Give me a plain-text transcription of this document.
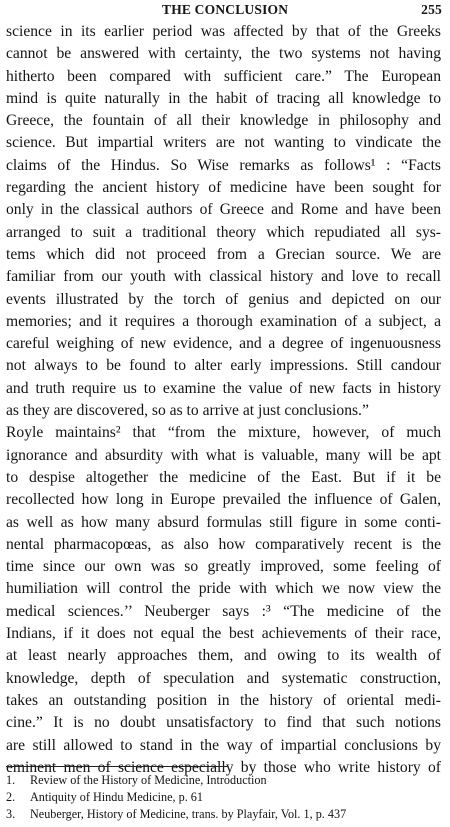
THE CONCLUSION	255
science in its earlier period was affected by that of the Greeks
cannot be answered with certainty, the two systems not having
hitherto been compared with sufficient care.” The European
mind is quite naturally in the habit of tracing all knowledge to
Greece, the fountain of all their knowledge in philosophy and
science. But impartial writers are not wanting to vindicate the
claims of the Hindus. So Wise remarks as follows¹ : “Facts
regarding the ancient history of medicine have been sought for
only in the classical authors of Greece and Rome and have been
arranged to suit a traditional theory which repudiated all sys-
tems which did not proceed from a Grecian source. We are
familiar from our youth with classical history and love to recall
events illustrated by the torch of genius and depicted on our
memories; and it requires a thorough examination of a subject, a
careful weighing of new evidence, and a degree of ingenuousness
not always to be found to alter early impressions. Still candour
and truth require us to examine the value of new facts in history
as they are discovered, so as to arrive at just conclusions.”
Royle maintains² that “from the mixture, however, of much
ignorance and absurdity with what is valuable, many will be apt
to despise altogether the medicine of the East. But if it be
recollected how long in Europe prevailed the influence of Galen,
as well as how many absurd formulas still figure in some conti-
nental pharmacopœas, as also how comparatively recent is the
time since our own was so greatly improved, some feeling of
humiliation will control the pride with which we now view the
medical sciences.’’ Neuberger says :³ “The medicine of the
Indians, if it does not equal the best achievements of their race,
at least nearly approaches them, and owing to its wealth of
knowledge, depth of speculation and systematic construction,
takes an outstanding position in the history of oriental medi-
cine.” It is no doubt unsatisfactory to find that such notions
are still allowed to stand in the way of impartial conclusions by
eminent men of science especially by those who write history of
1. Review of the History of Medicine, Introduction
2. Antiquity of Hindu Medicine, p. 61
3. Neuberger, History of Medicine, trans. by Playfair, Vol. 1, p. 437
